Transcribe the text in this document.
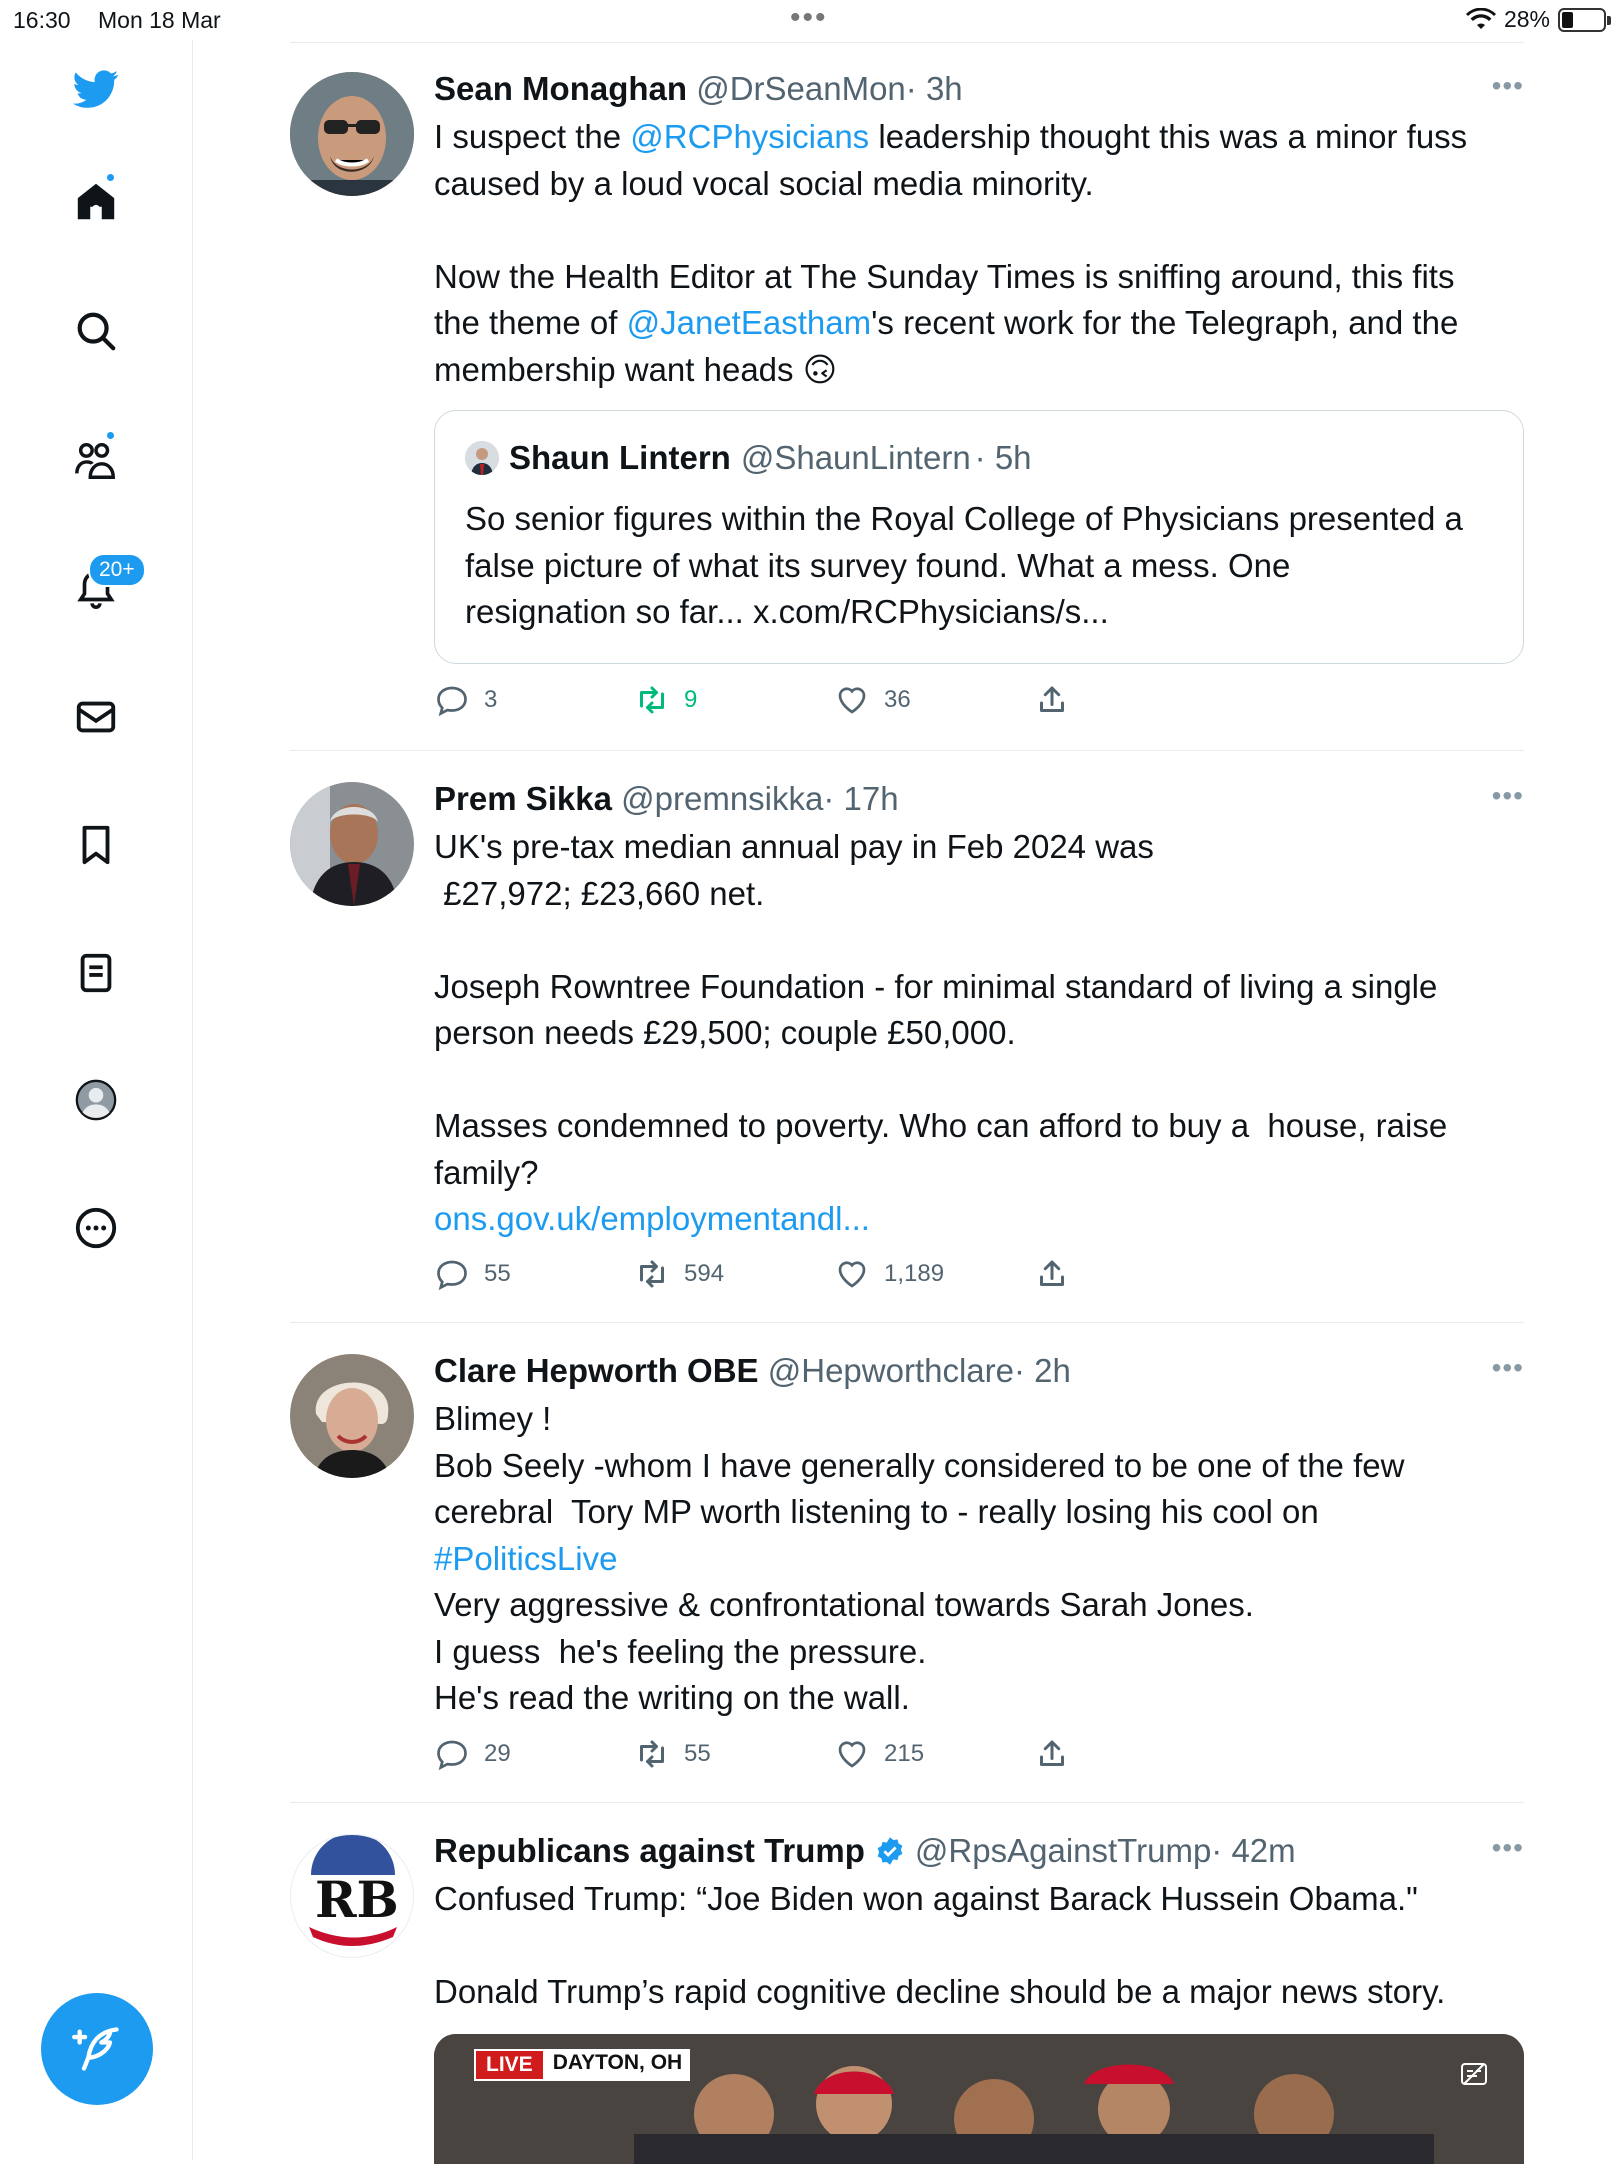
16:30 Mon 18 Mar	•••	28%
20+
Sean Monaghan @DrSeanMon· 3h	•••
I suspect the @RCPhysicians leadership thought this was a minor fuss
caused by a loud vocal social media minority.

Now the Health Editor at The Sunday Times is sniffing around, this fits
the theme of @JanetEastham's recent work for the Telegraph, and the
membership want heads 🙃
Shaun Lintern @ShaunLintern · 5h
So senior figures within the Royal College of Physicians presented a
false picture of what its survey found. What a mess. One
resignation so far... x.com/RCPhysicians/s...
3	9	36
Prem Sikka @premnsikka· 17h	•••
UK's pre-tax median annual pay in Feb 2024 was
£27,972; £23,660 net.

Joseph Rowntree Foundation - for minimal standard of living a single
person needs £29,500; couple £50,000.

Masses condemned to poverty. Who can afford to buy a  house, raise
family?
ons.gov.uk/employmentandl...
55	594	1,189
Clare Hepworth OBE @Hepworthclare· 2h	•••
Blimey !
Bob Seely -whom I have generally considered to be one of the few
cerebral  Tory MP worth listening to - really losing his cool on
#PoliticsLive
Very aggressive & confrontational towards Sarah Jones.
I guess  he's feeling the pressure.
He's read the writing on the wall.
29	55	215
RB
Republicans against Trump @RpsAgainstTrump· 42m	•••
Confused Trump: “Joe Biden won against Barack Hussein Obama."

Donald Trump’s rapid cognitive decline should be a major news story.
LIVE DAYTON, OH
